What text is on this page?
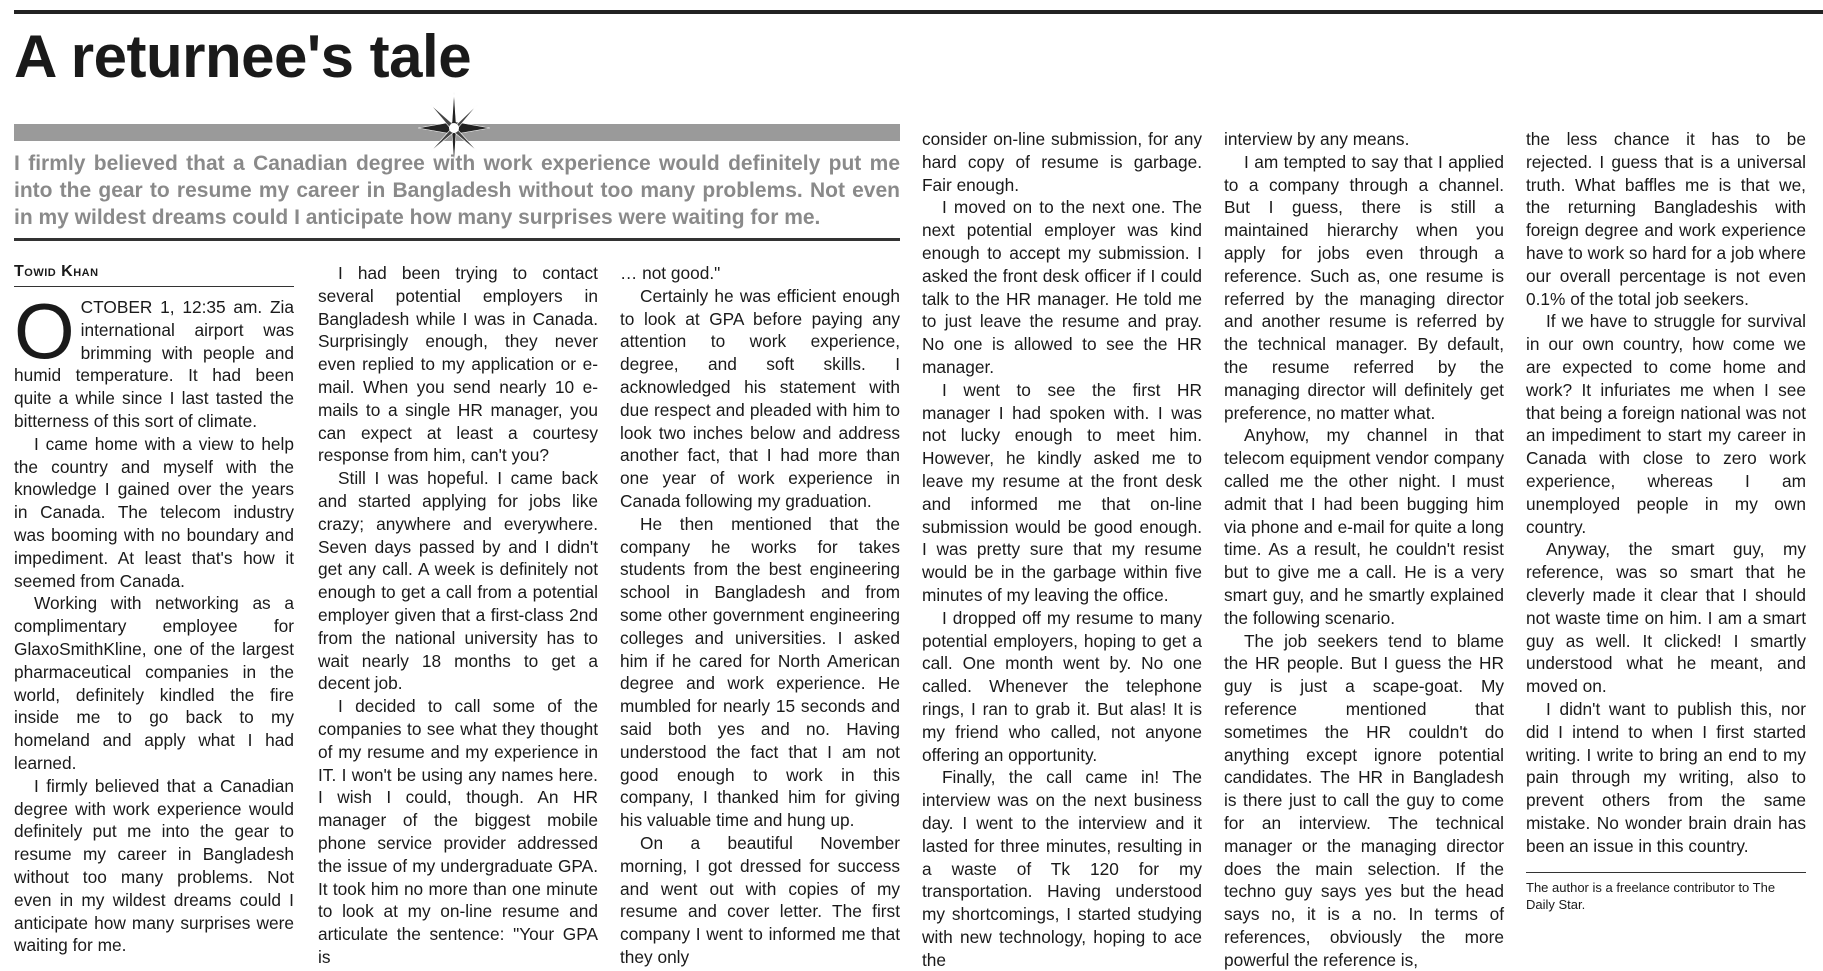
A returnee's tale

I firmly believed that a Canadian degree with work experience would definitely put me into the gear to resume my career in Bangladesh without too many problems. Not even in my wildest dreams could I anticipate how many surprises were waiting for me.

Towid Khan

OCTOBER 1, 12:35 am. Zia international airport was brimming with people and humid temperature. It had been quite a while since I last tasted the bitterness of this sort of climate.

I came home with a view to help the country and myself with the knowledge I gained over the years in Canada. The telecom industry was booming with no boundary and impediment. At least that's how it seemed from Canada.

Working with networking as a complimentary employee for GlaxoSmithKline, one of the largest pharmaceutical companies in the world, definitely kindled the fire inside me to go back to my homeland and apply what I had learned.

I firmly believed that a Canadian degree with work experience would definitely put me into the gear to resume my career in Bangladesh without too many problems. Not even in my wildest dreams could I anticipate how many surprises were waiting for me.

I had been trying to contact several potential employers in Bangladesh while I was in Canada. Surprisingly enough, they never even replied to my application or e-mail. When you send nearly 10 e-mails to a single HR manager, you can expect at least a courtesy response from him, can't you?

Still I was hopeful. I came back and started applying for jobs like crazy; anywhere and everywhere. Seven days passed by and I didn't get any call. A week is definitely not enough to get a call from a potential employer given that a first-class 2nd from the national university has to wait nearly 18 months to get a decent job.

I decided to call some of the companies to see what they thought of my resume and my experience in IT. I won't be using any names here. I wish I could, though. An HR manager of the biggest mobile phone service provider addressed the issue of my undergraduate GPA. It took him no more than one minute to look at my on-line resume and articulate the sentence: "Your GPA is

… not good."

Certainly he was efficient enough to look at GPA before paying any attention to work experience, degree, and soft skills. I acknowledged his statement with due respect and pleaded with him to look two inches below and address another fact, that I had more than one year of work experience in Canada following my graduation.

He then mentioned that the company he works for takes students from the best engineering school in Bangladesh and from some other government engineering colleges and universities. I asked him if he cared for North American degree and work experience. He mumbled for nearly 15 seconds and said both yes and no. Having understood the fact that I am not good enough to work in this company, I thanked him for giving his valuable time and hung up.

On a beautiful November morning, I got dressed for success and went out with copies of my resume and cover letter. The first company I went to informed me that they only

consider on-line submission, for any hard copy of resume is garbage. Fair enough.

I moved on to the next one. The next potential employer was kind enough to accept my submission. I asked the front desk officer if I could talk to the HR manager. He told me to just leave the resume and pray. No one is allowed to see the HR manager.

I went to see the first HR manager I had spoken with. I was not lucky enough to meet him. However, he kindly asked me to leave my resume at the front desk and informed me that on-line submission would be good enough. I was pretty sure that my resume would be in the garbage within five minutes of my leaving the office.

I dropped off my resume to many potential employers, hoping to get a call. One month went by. No one called. Whenever the telephone rings, I ran to grab it. But alas! It is my friend who called, not anyone offering an opportunity.

Finally, the call came in! The interview was on the next business day. I went to the interview and it lasted for three minutes, resulting in a waste of Tk 120 for my transportation. Having understood my shortcomings, I started studying with new technology, hoping to ace the

interview by any means.

I am tempted to say that I applied to a company through a channel. But I guess, there is still a maintained hierarchy when you apply for jobs even through a reference. Such as, one resume is referred by the managing director and another resume is referred by the technical manager. By default, the resume referred by the managing director will definitely get preference, no matter what.

Anyhow, my channel in that telecom equipment vendor company called me the other night. I must admit that I had been bugging him via phone and e-mail for quite a long time. As a result, he couldn't resist but to give me a call. He is a very smart guy, and he smartly explained the following scenario.

The job seekers tend to blame the HR people. But I guess the HR guy is just a scape-goat. My reference mentioned that sometimes the HR couldn't do anything except ignore potential candidates. The HR in Bangladesh is there just to call the guy to come for an interview. The technical manager or the managing director does the main selection. If the techno guy says yes but the head says no, it is a no. In terms of references, obviously the more powerful the reference is,

the less chance it has to be rejected. I guess that is a universal truth. What baffles me is that we, the returning Bangladeshis with foreign degree and work experience have to work so hard for a job where our overall percentage is not even 0.1% of the total job seekers.

If we have to struggle for survival in our own country, how come we are expected to come home and work? It infuriates me when I see that being a foreign national was not an impediment to start my career in Canada with close to zero work experience, whereas I am unemployed people in my own country.

Anyway, the smart guy, my reference, was so smart that he cleverly made it clear that I should not waste time on him. I am a smart guy as well. It clicked! I smartly understood what he meant, and moved on.

I didn't want to publish this, nor did I intend to when I first started writing. I write to bring an end to my pain through my writing, also to prevent others from the same mistake. No wonder brain drain has been an issue in this country.

The author is a freelance contributor to The Daily Star.
